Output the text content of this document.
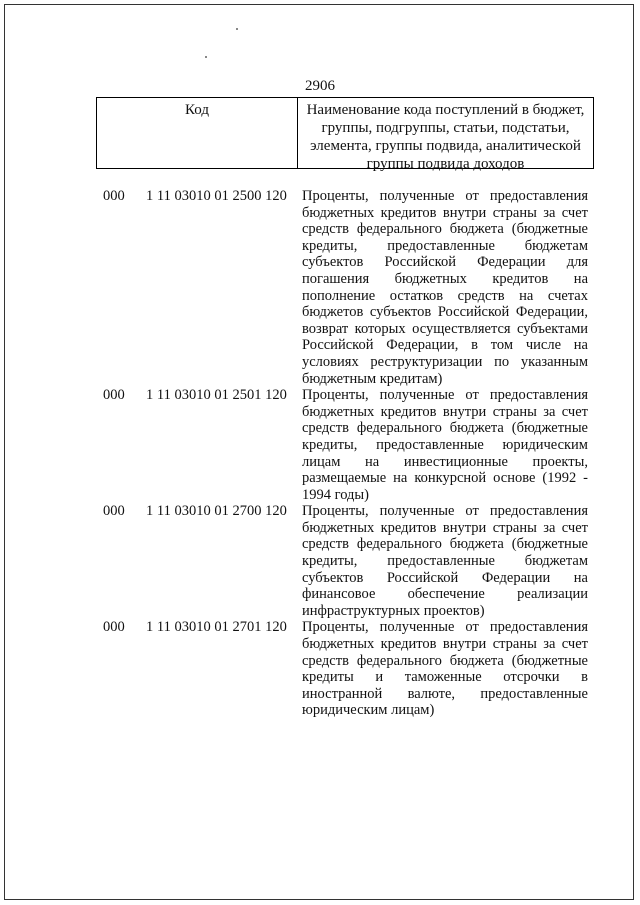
2906
Код	Наименование кода поступлений в бюджет, группы, подгруппы, статьи, подстатьи, элемента, группы подвида, аналитической группы подвида доходов
000 1 11 03010 01 2500 120 Проценты, полученные от предоставления бюджетных кредитов внутри страны за счет средств федерального бюджета (бюджетные кредиты, предоставленные бюджетам субъектов Российской Федерации для погашения бюджетных кредитов на пополнение остатков средств на счетах бюджетов субъектов Российской Федерации, возврат которых осуществляется субъектами Российской Федерации, в том числе на условиях реструктуризации по указанным бюджетным кредитам)
000 1 11 03010 01 2501 120 Проценты, полученные от предоставления бюджетных кредитов внутри страны за счет средств федерального бюджета (бюджетные кредиты, предоставленные юридическим лицам на инвестиционные проекты, размещаемые на конкурсной основе (1992 - 1994 годы)
000 1 11 03010 01 2700 120 Проценты, полученные от предоставления бюджетных кредитов внутри страны за счет средств федерального бюджета (бюджетные кредиты, предоставленные бюджетам субъектов Российской Федерации на финансовое обеспечение реализации инфраструктурных проектов)
000 1 11 03010 01 2701 120 Проценты, полученные от предоставления бюджетных кредитов внутри страны за счет средств федерального бюджета (бюджетные кредиты и таможенные отсрочки в иностранной валюте, предоставленные юридическим лицам)
